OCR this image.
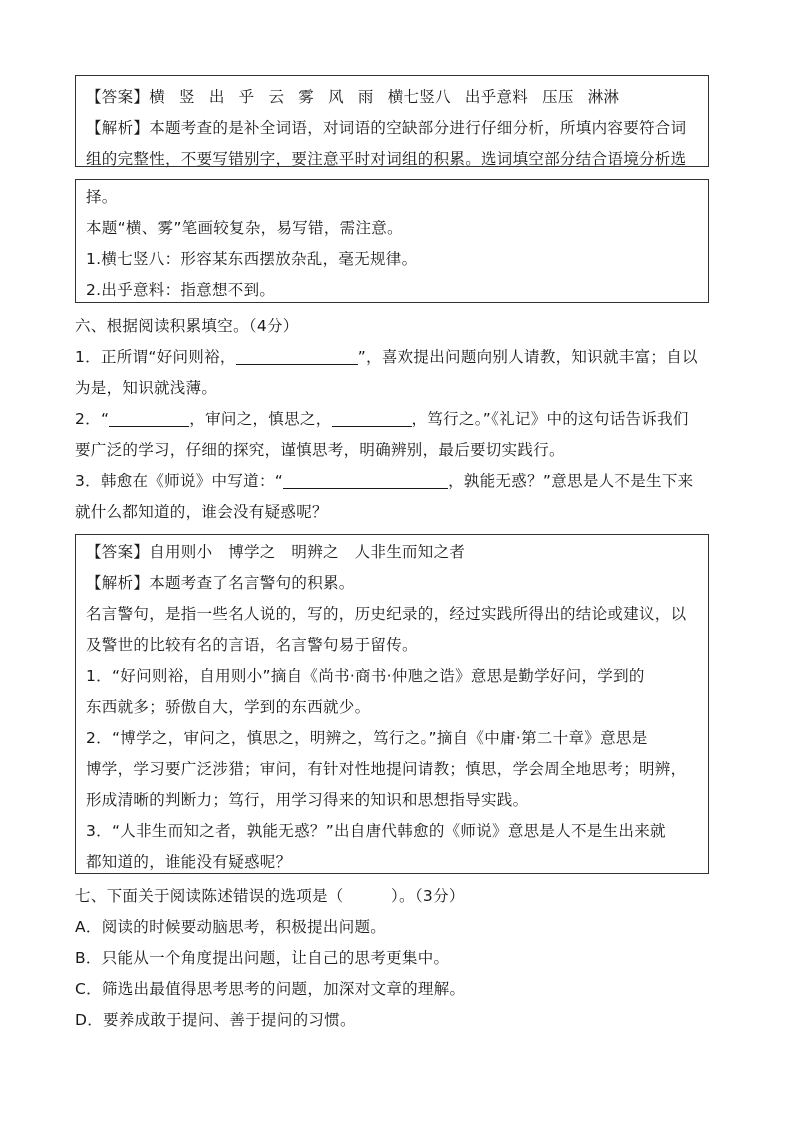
【答案】横 竖 出 乎 云 雾 风 雨 横七竖八 出乎意料 压压 淋淋
【解析】本题考查的是补全词语，对词语的空缺部分进行仔细分析，所填内容要符合词
组的完整性，不要写错别字，要注意平时对词组的积累。选词填空部分结合语境分析选
择。
本题“横、雾”笔画较复杂，易写错，需注意。
1.横七竖八：形容某东西摆放杂乱，毫无规律。
2.出乎意料：指意想不到。
六、根据阅读积累填空。（4分）
1．正所谓“好问则裕，	”，喜欢提出问题向别人请教，知识就丰富；自以
为是，知识就浅薄。
2．“	，审问之，慎思之，	，笃行之。”《礼记》中的这句话告诉我们
要广泛的学习，仔细的探究，谨慎思考，明确辨别，最后要切实践行。
3．韩愈在《师说》中写道：“	，孰能无惑？”意思是人不是生下来
就什么都知道的，谁会没有疑惑呢？
【答案】自用则小　博学之　明辨之　人非生而知之者
【解析】本题考查了名言警句的积累。
名言警句，是指一些名人说的，写的，历史纪录的，经过实践所得出的结论或建议，以
及警世的比较有名的言语，名言警句易于留传。
1．“好问则裕，自用则小”摘自《尚书·商书·仲虺之诰》意思是勤学好问，学到的
东西就多；骄傲自大，学到的东西就少。
2．“博学之，审问之，慎思之，明辨之，笃行之。”摘自《中庸·第二十章》意思是
博学，学习要广泛涉猎；审问，有针对性地提问请教；慎思，学会周全地思考；明辨，
形成清晰的判断力；笃行，用学习得来的知识和思想指导实践。
3．“人非生而知之者，孰能无惑？”出自唐代韩愈的《师说》意思是人不是生出来就
都知道的，谁能没有疑惑呢？
七、下面关于阅读陈述错误的选项是（　　　）。（3分）
A．阅读的时候要动脑思考，积极提出问题。
B．只能从一个角度提出问题，让自己的思考更集中。
C．筛选出最值得思考思考的问题，加深对文章的理解。
D．要养成敢于提问、善于提问的习惯。
